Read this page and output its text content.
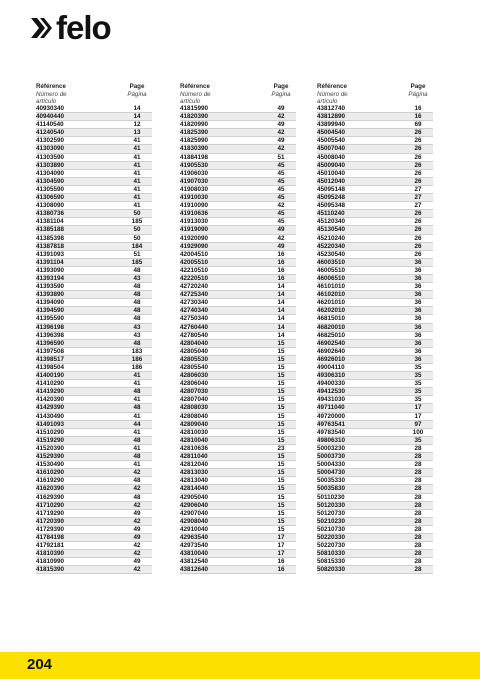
felo
Référence
Número de
artículo
Page
Página
40930340	14
40940440	14
41140540	12
41240540	13
41302590	41
41303090	41
41303590	41
41303890	41
41304090	41
41304590	41
41305590	41
41306590	41
41308090	41
41380736	50
41381104	185
41385188	50
41385398	50
41387818	184
41391093	51
41391104	185
41393090	48
41393194	43
41393590	48
41393890	48
41394090	48
41394590	48
41395590	48
41396198	43
41396398	43
41396590	48
41397508	183
41398517	186
41398504	186
41400190	41
41410290	41
41419290	48
41420390	41
41429390	48
41430490	41
41491093	44
41510290	41
41519290	48
41520390	41
41529390	48
41530490	41
41610290	42
41619290	48
41620390	42
41629390	48
41710290	42
41719290	49
41720390	42
41729390	49
41784198	49
41792181	42
41810390	42
41810990	49
41815390	42
Référence
Número de
artículo
Page
Página
41815990	49
41820390	42
41820990	49
41825390	42
41825990	49
41830390	42
41884198	51
41905530	45
41906030	45
41907030	45
41908030	45
41910030	45
41910090	42
41910636	45
41913030	45
41919090	49
41920090	42
41929090	49
42004510	16
42005510	16
42210510	16
42220510	16
42720240	14
42725340	14
42730340	14
42740340	14
42750340	14
42760440	14
42780540	14
42804040	15
42805040	15
42805530	15
42805540	15
42806030	15
42806040	15
42807030	15
42807040	15
42808030	15
42808040	15
42809040	15
42810030	15
42810040	15
42810636	23
42811040	15
42812040	15
42813030	15
42813040	15
42814040	15
42905040	15
42906040	15
42907040	15
42908040	15
42910040	15
42963540	17
42973540	17
43810040	17
43812540	16
43812640	16
Référence
Número de
artículo
Page
Página
43812740	16
43812890	16
43899940	69
45004540	26
45005540	26
45007040	26
45008040	26
45009040	26
45010040	26
45012040	26
45095148	27
45095248	27
45095348	27
45110240	26
45120340	26
45130540	26
45210240	26
45220340	26
45230540	26
46003510	36
46005510	36
46006510	36
46101010	36
46102010	36
46201010	36
46202010	36
46815010	36
46820010	36
46825010	36
46902540	36
46902640	36
46926010	36
49004110	35
49306310	35
49400330	35
49412530	35
49431030	35
49711040	17
49720000	17
49763541	97
49783540	100
49806310	35
50003230	28
50003730	28
50004330	28
50004730	28
50035330	28
50035830	28
50110230	28
50120330	28
50120730	28
50210230	28
50210730	28
50220330	28
50220730	28
50810330	28
50815330	28
50820330	28
204
